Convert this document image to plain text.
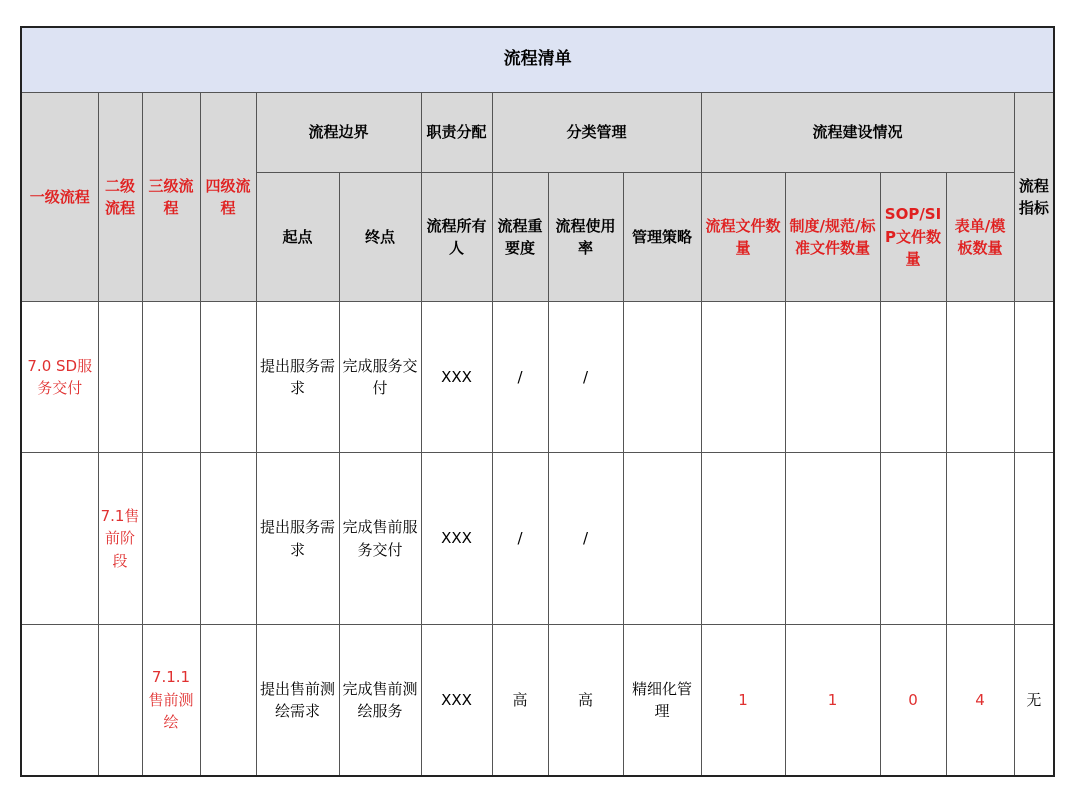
流程清单														
一级流程	二级流程	三级流程	四级流程	流程边界		职责分配	分类管理			流程建设情况				流程指标
				起点	终点	流程所有人	流程重要度	流程使用率	管理策略	流程文件数量	制度/规范/标准文件数量	SOP/SIP文件数量	表单/模板数量	
7.0 SD服务交付				提出服务需求	完成服务交付	XXX	/	/						
	7.1售前阶段			提出服务需求	完成售前服务交付	XXX	/	/						
		7.1.1售前测绘		提出售前测绘需求	完成售前测绘服务	XXX	高	高	精细化管理	1	1	0	4	无
